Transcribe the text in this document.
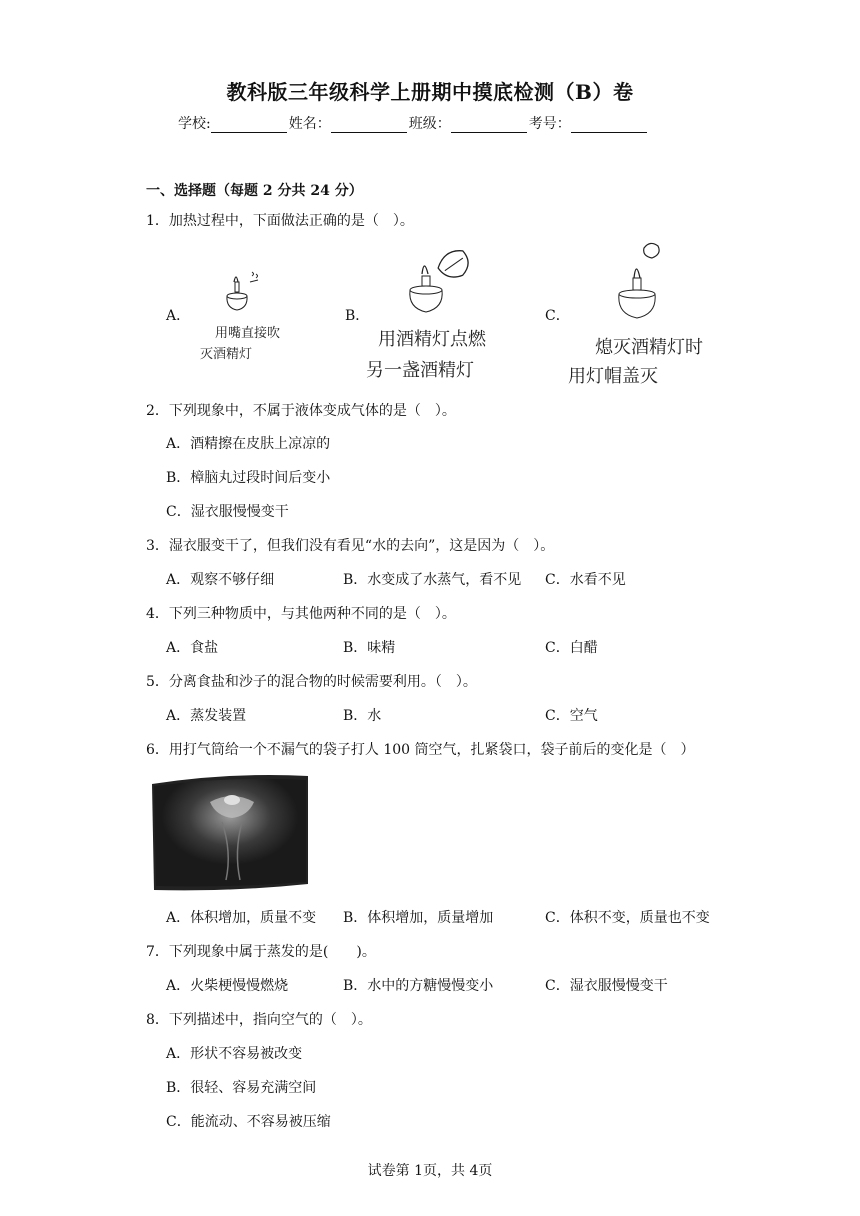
教科版三年级科学上册期中摸底检测（B）卷
学校:	姓名：	班级：	考号：
一、选择题（每题 2 分共 24 分）
1．加热过程中，下面做法正确的是（　）。
A．	B．	C．
用嘴直接吹
灭酒精灯
用酒精灯点燃
另一盏酒精灯
熄灭酒精灯时
用灯帽盖灭
2．下列现象中，不属于液体变成气体的是（　）。
A．酒精擦在皮肤上凉凉的
B．樟脑丸过段时间后变小
C．湿衣服慢慢变干
3．湿衣服变干了，但我们没有看见“水的去向”，这是因为（　）。
A．观察不够仔细	B．水变成了水蒸气，看不见 C．水看不见
4．下列三种物质中，与其他两种不同的是（　）。
A．食盐	B．味精	C．白醋
5．分离食盐和沙子的混合物的时候需要利用。（　）。
A．蒸发装置	B．水	C．空气
6．用打气筒给一个不漏气的袋子打人 100 筒空气，扎紧袋口，袋子前后的变化是（　）
A．体积增加，质量不变 B．体积增加，质量增加	C．体积不变，质量也不变
7．下列现象中属于蒸发的是(　　)。
A．火柴梗慢慢燃烧	B．水中的方糖慢慢变小	C．湿衣服慢慢变干
8．下列描述中，指向空气的（　）。
A．形状不容易被改变
B．很轻、容易充满空间
C．能流动、不容易被压缩
试卷第 1页，共 4页
